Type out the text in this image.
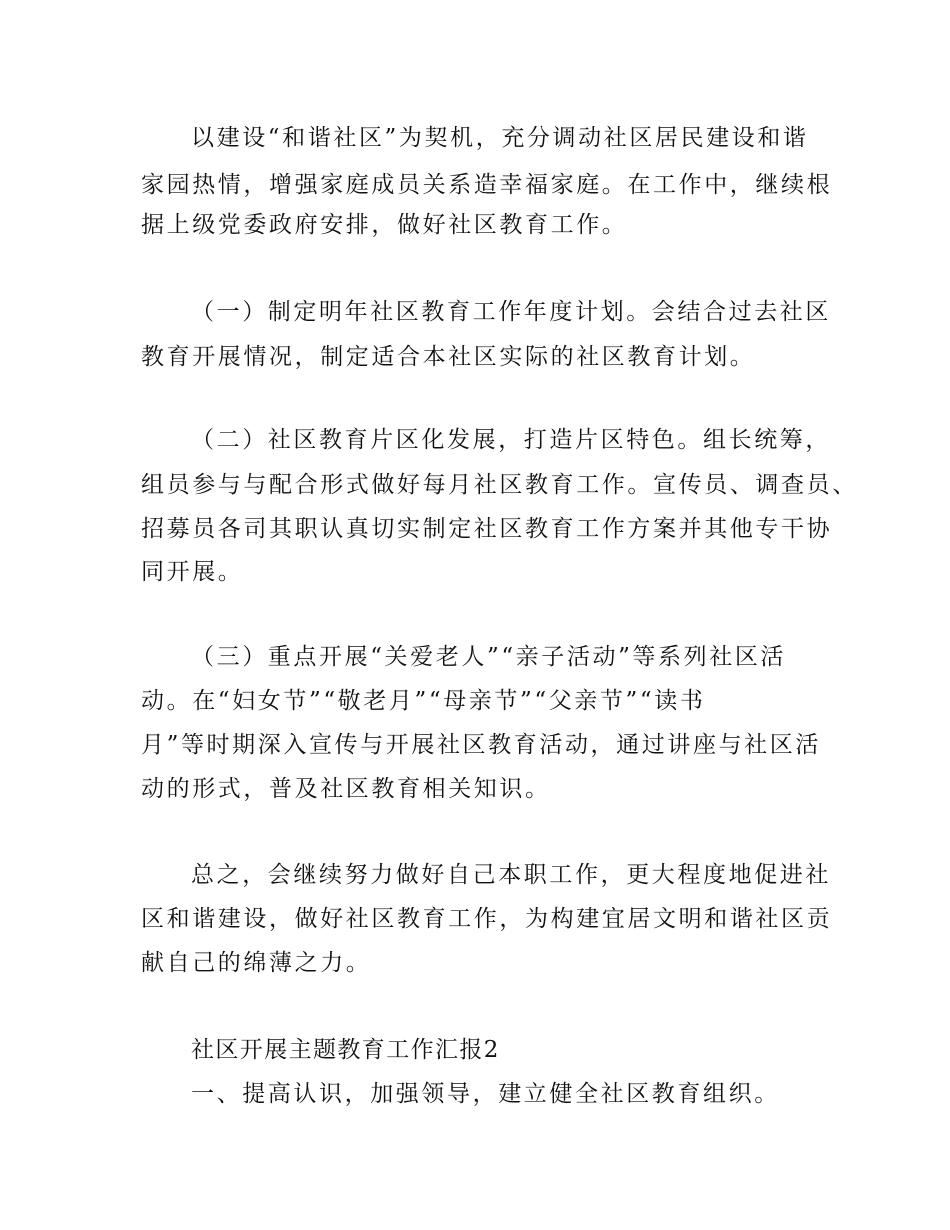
以建设“和谐社区”为契机，充分调动社区居民建设和谐

家园热情，增强家庭成员关系造幸福家庭。在工作中，继续根

据上级党委政府安排，做好社区教育工作。

（一）制定明年社区教育工作年度计划。会结合过去社区

教育开展情况，制定适合本社区实际的社区教育计划。

（二）社区教育片区化发展，打造片区特色。组长统筹，

组员参与与配合形式做好每月社区教育工作。宣传员、调查员、

招募员各司其职认真切实制定社区教育工作方案并其他专干协

同开展。

（三）重点开展“关爱老人”“亲子活动”等系列社区活

动。在“妇女节”“敬老月”“母亲节”“父亲节”“读书

月”等时期深入宣传与开展社区教育活动，通过讲座与社区活

动的形式，普及社区教育相关知识。

总之，会继续努力做好自己本职工作，更大程度地促进社

区和谐建设，做好社区教育工作，为构建宜居文明和谐社区贡

献自己的绵薄之力。

社区开展主题教育工作汇报2

一、提高认识，加强领导，建立健全社区教育组织。
